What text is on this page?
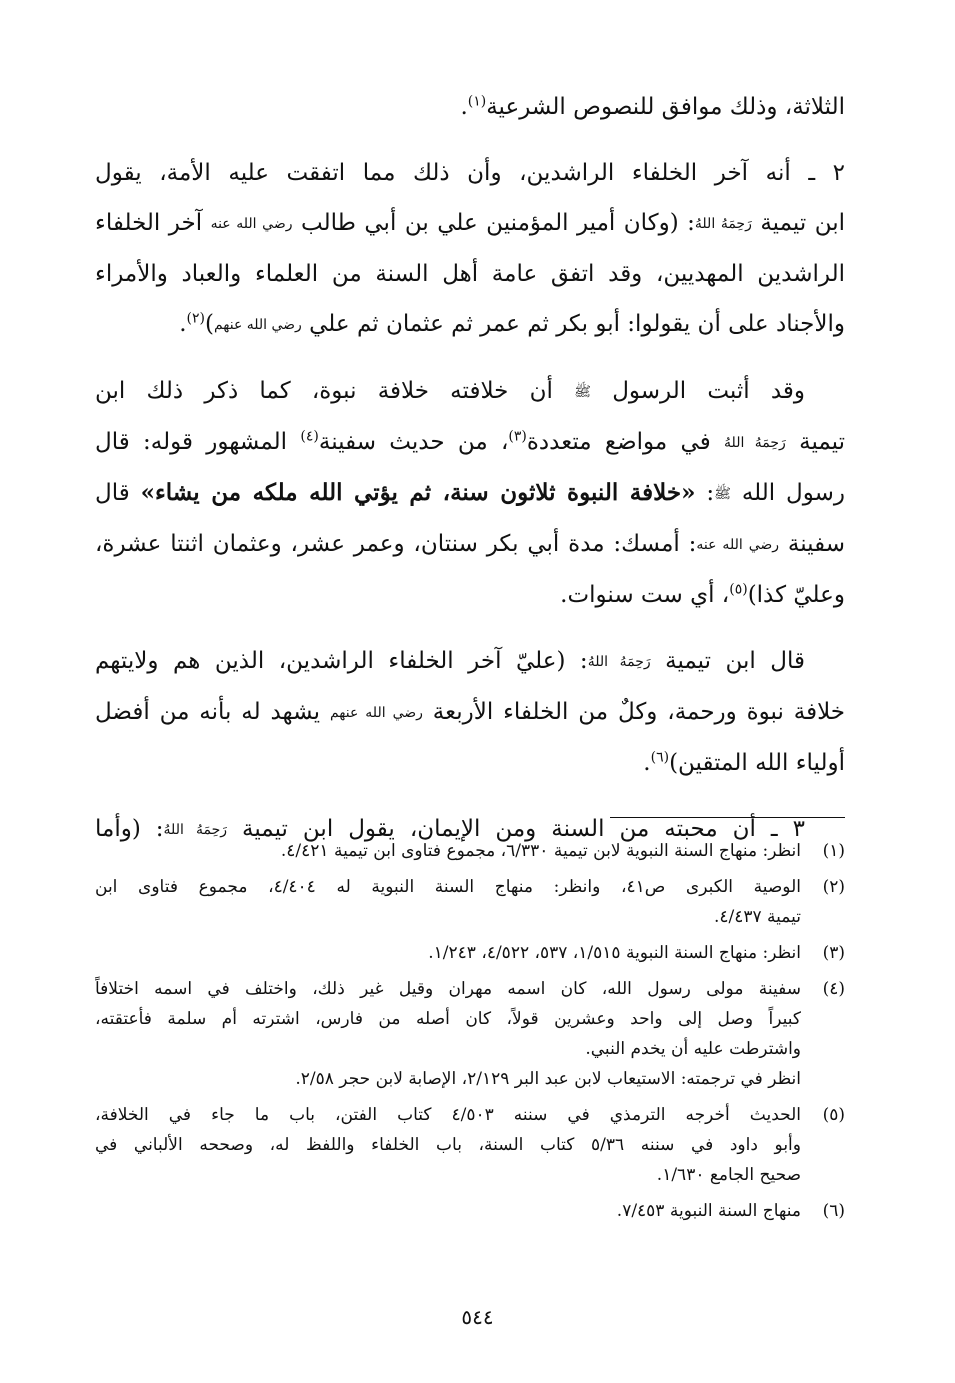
الثلاثة، وذلك موافق للنصوص الشرعية$^{(١)}$.
٢ ـ أنه آخر الخلفاء الراشدين، وأن ذلك مما اتفقت عليه الأمة، يقول
ابن تيمية رَحِمَهُ اللهُ: (وكان أمير المؤمنين علي بن أبي طالب رضي الله عنه آخر الخلفاء
الراشدين المهديين، وقد اتفق عامة أهل السنة من العلماء والعباد والأمراء
والأجناد على أن يقولوا: أبو بكر ثم عمر ثم عثمان ثم علي رضي الله عنهم)$^{(٢)}$.
وقد أثبت الرسول ﷺ أن خلافته خلافة نبوة، كما ذكر ذلك ابن
تيمية رَحِمَهُ اللهُ في مواضع متعددة$^{(٣)}$، من حديث سفينة$^{(٤)}$ المشهور قوله: قال
رسول الله ﷺ: «خلافة النبوة ثلاثون سنة، ثم يؤتي الله ملكه من يشاء» قال
سفينة رضي الله عنه: أمسك: مدة أبي بكر سنتان، وعمر عشر، وعثمان اثنتا عشرة،
وعليّ كذا)$^{(٥)}$، أي ست سنوات.
قال ابن تيمية رَحِمَهُ اللهُ: (عليّ آخر الخلفاء الراشدين، الذين هم ولايتهم
خلافة نبوة ورحمة، وكلٌ من الخلفاء الأربعة رضي الله عنهم يشهد له بأنه من أفضل
أولياء الله المتقين)$^{(٦)}$.
٣ ـ أن محبته من السنة ومن الإيمان، يقول ابن تيمية رَحِمَهُ اللهُ: (وأما
(١)
انظر: منهاج السنة النبوية لابن تيمية ٦/٣٣٠، مجموع فتاوى ابن تيمية ٤/٤٢١.
(٢)
الوصية الكبرى ص٤١، وانظر: منهاج السنة النبوية له ٤/٤٠٤، مجموع فتاوى ابن
تيمية ٤/٤٣٧.
(٣)
انظر: منهاج السنة النبوية ١/٥١٥، ٥٣٧، ٤/٥٢٢، ١/٢٤٣.
(٤)
سفينة مولى رسول الله، كان اسمه مهران وقيل غير ذلك، واختلف في اسمه اختلافاً
كبيراً وصل إلى واحد وعشرين قولاً، كان أصله من فارس، اشترته أم سلمة فأعتقته،
واشترطت عليه أن يخدم النبي.
انظر في ترجمته: الاستيعاب لابن عبد البر ٢/١٢٩، الإصابة لابن حجر ٢/٥٨.
(٥)
الحديث أخرجه الترمذي في سننه ٤/٥٠٣ كتاب الفتن، باب ما جاء في الخلافة،
وأبو داود في سننه ٥/٣٦ كتاب السنة، باب الخلفاء واللفظ له، وصححه الألباني في
صحيح الجامع ١/٦٣٠.
(٦)
منهاج السنة النبوية ٧/٤٥٣.
٥٤٤
